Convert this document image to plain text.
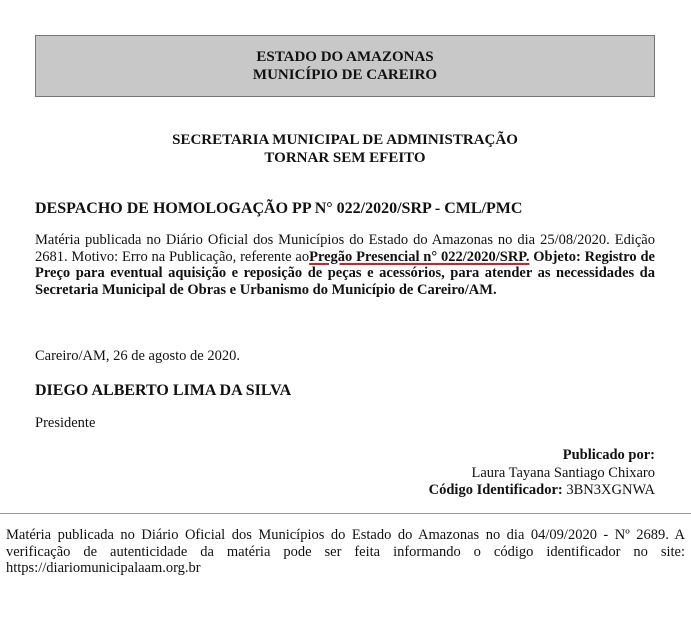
ESTADO DO AMAZONAS
MUNICÍPIO DE CAREIRO
SECRETARIA MUNICIPAL DE ADMINISTRAÇÃO
TORNAR SEM EFEITO
DESPACHO DE HOMOLOGAÇÃO PP N° 022/2020/SRP - CML/PMC
Matéria publicada no Diário Oficial dos Municípios do Estado do Amazonas no dia 25/08/2020. Edição 2681. Motivo: Erro na Publicação, referente aoPregão Presencial n° 022/2020/SRP. Objeto: Registro de Preço para eventual aquisição e reposição de peças e acessórios, para atender as necessidades da Secretaria Municipal de Obras e Urbanismo do Município de Careiro/AM.
Careiro/AM, 26 de agosto de 2020.
DIEGO ALBERTO LIMA DA SILVA
Presidente
Publicado por:
Laura Tayana Santiago Chixaro
Código Identificador: 3BN3XGNWA
Matéria publicada no Diário Oficial dos Municípios do Estado do Amazonas no dia 04/09/2020 - Nº 2689. A verificação de autenticidade da matéria pode ser feita informando o código identificador no site: https://diariomunicipalaam.org.br
